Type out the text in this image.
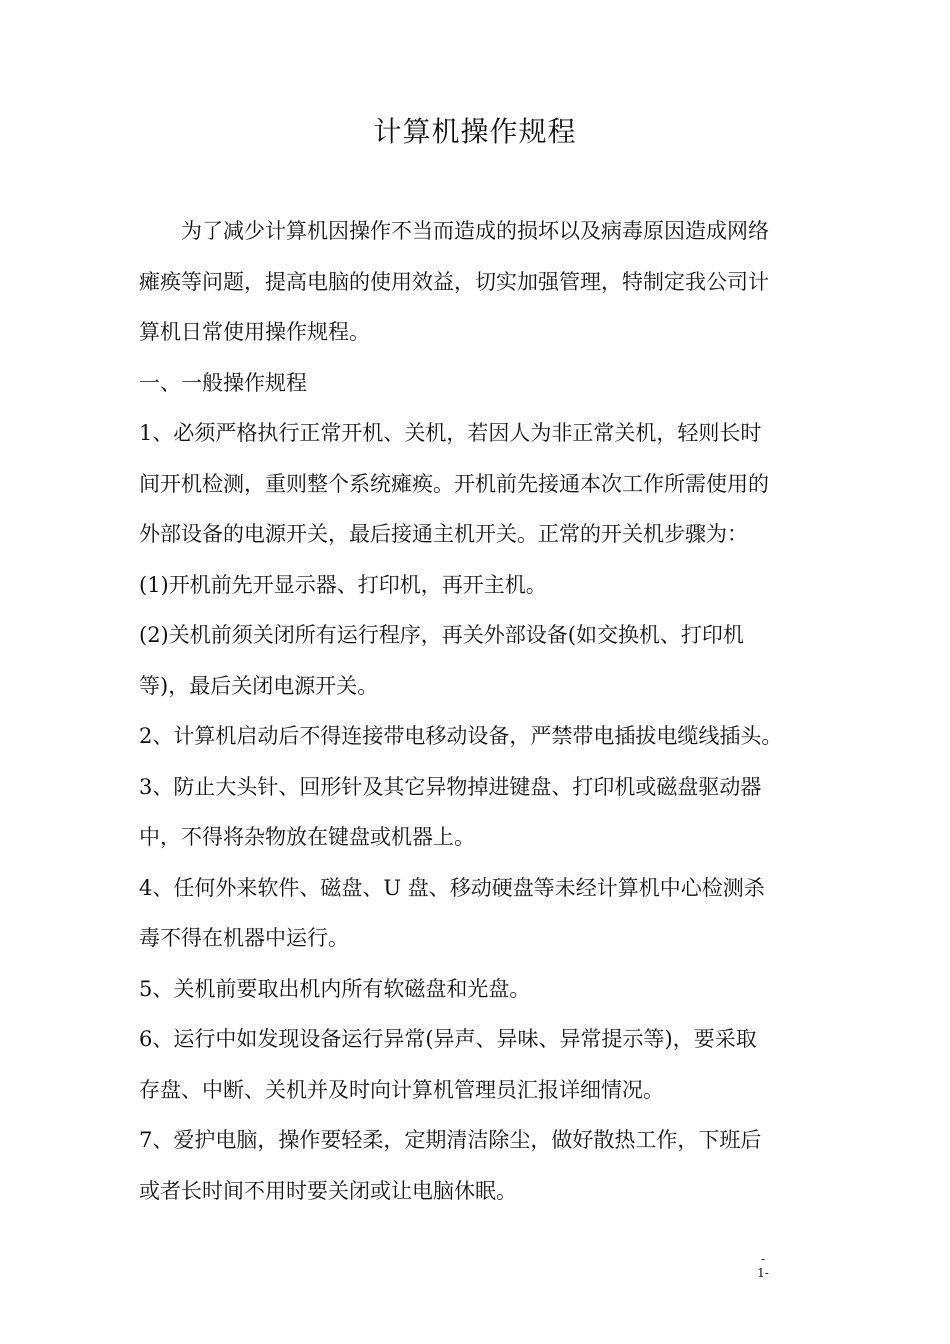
计算机操作规程

为了减少计算机因操作不当而造成的损坏以及病毒原因造成网络

瘫痪等问题，提高电脑的使用效益，切实加强管理，特制定我公司计

算机日常使用操作规程。

一、一般操作规程

1、必须严格执行正常开机、关机，若因人为非正常关机，轻则长时

间开机检测，重则整个系统瘫痪。开机前先接通本次工作所需使用的

外部设备的电源开关，最后接通主机开关。正常的开关机步骤为：

(1)开机前先开显示器、打印机，再开主机。

(2)关机前须关闭所有运行程序，再关外部设备(如交换机、打印机

等)，最后关闭电源开关。

2、计算机启动后不得连接带电移动设备，严禁带电插拔电缆线插头。

3、防止大头针、回形针及其它异物掉进键盘、打印机或磁盘驱动器

中，不得将杂物放在键盘或机器上。

4、任何外来软件、磁盘、U 盘、移动硬盘等未经计算机中心检测杀

毒不得在机器中运行。

5、关机前要取出机内所有软磁盘和光盘。

6、运行中如发现设备运行异常(异声、异味、异常提示等)，要采取

存盘、中断、关机并及时向计算机管理员汇报详细情况。

7、爱护电脑，操作要轻柔，定期清洁除尘，做好散热工作，下班后

或者长时间不用时要关闭或让电脑休眠。

-
1-
